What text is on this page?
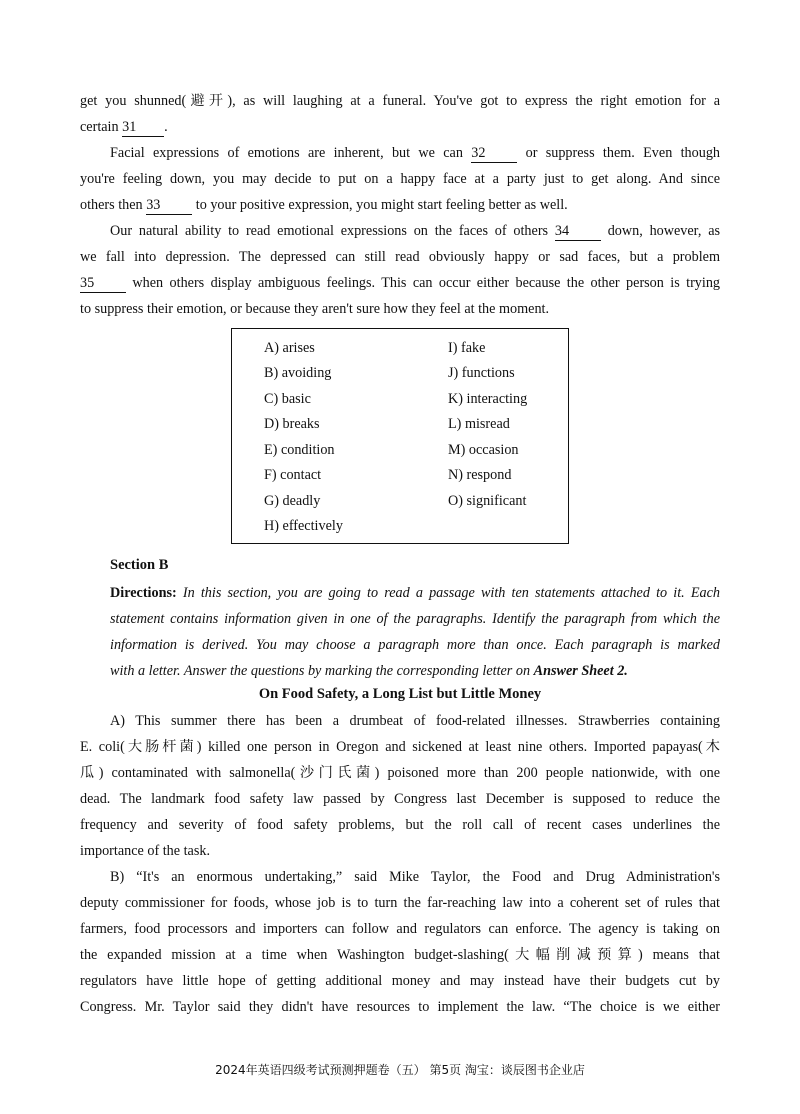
get you shunned(避开), as will laughing at a funeral. You've got to express the right emotion for a
certain 31 .
Facial expressions of emotions are inherent, but we can 32	or suppress them. Even though
you're feeling down, you may decide to put on a happy face at a party just to get along. And since
others then 33 to your positive expression, you might start feeling better as well.
Our natural ability to read emotional expressions on the faces of others 34	down, however, as
we fall into depression. The depressed can still read obviously happy or sad faces, but a problem
35	when others display ambiguous feelings. This can occur either because the other person is trying
to suppress their emotion, or because they aren't sure how they feel at the moment.
A) arises
B) avoiding
C) basic
D) breaks
E) condition
F) contact
G) deadly
H) effectively
I) fake
J) functions
K) interacting
L) misread
M) occasion
N) respond
O) significant
Section B
Directions: In this section, you are going to read a passage with ten statements attached to it. Each
statement contains information given in one of the paragraphs. Identify the paragraph from which the
information is derived. You may choose a paragraph more than once. Each paragraph is marked
with a letter. Answer the questions by marking the corresponding letter on Answer Sheet 2.
On Food Safety, a Long List but Little Money
A) This summer there has been a drumbeat of food-related illnesses. Strawberries containing
E. coli(大肠杆菌) killed one person in Oregon and sickened at least nine others. Imported papayas(木
瓜) contaminated with salmonella(沙门氏菌) poisoned more than 200 people nationwide, with one
dead. The landmark food safety law passed by Congress last December is supposed to reduce the
frequency and severity of food safety problems, but the roll call of recent cases underlines the
importance of the task.
B) “It's an enormous undertaking,” said Mike Taylor, the Food and Drug Administration's
deputy commissioner for foods, whose job is to turn the far-reaching law into a coherent set of rules that
farmers, food processors and importers can follow and regulators can enforce. The agency is taking on
the expanded mission at a time when Washington budget-slashing(大幅削减预算) means that
regulators have little hope of getting additional money and may instead have their budgets cut by
Congress. Mr. Taylor said they didn't have resources to implement the law. “The choice is we either
2024年英语四级考试预测押题卷（五） 第5页 淘宝：谈辰图书企业店
